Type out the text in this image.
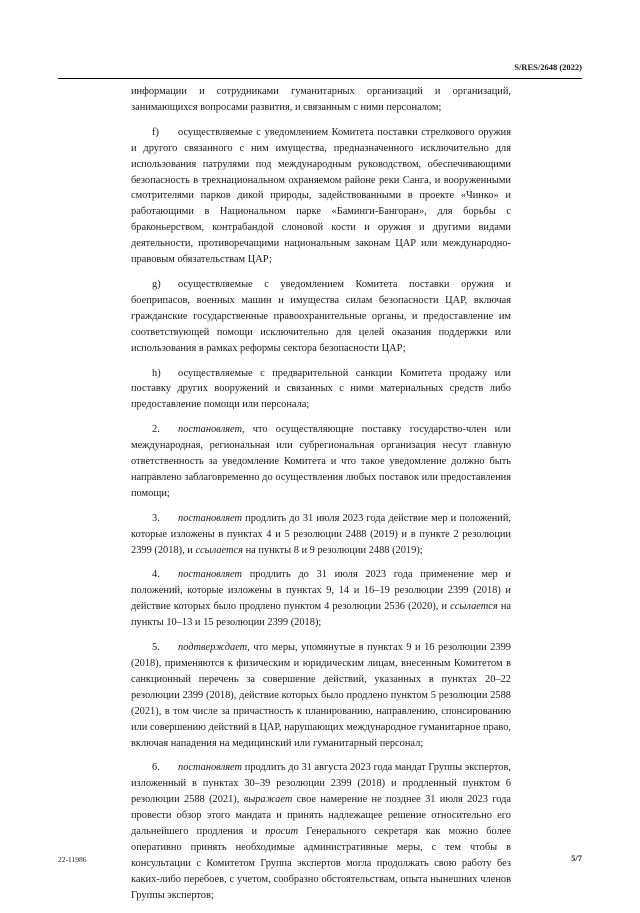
S/RES/2648 (2022)

информации и сотрудниками гуманитарных организаций и организаций, занимающихся вопросами развития, и связанным с ними персоналом;

f) осуществляемые с уведомлением Комитета поставки стрелкового оружия и другого связанного с ним имущества, предназначенного исключительно для использования патрулями под международным руководством, обеспечивающими безопасность в трехнациональном охраняемом районе реки Санга, и вооруженными смотрителями парков дикой природы, задействованными в проекте «Чинко» и работающими в Национальном парке «Баминги-Бангоран», для борьбы с браконьерством, контрабандой слоновой кости и оружия и другими видами деятельности, противоречащими национальным законам ЦАР или международно-правовым обязательствам ЦАР;

g) осуществляемые с уведомлением Комитета поставки оружия и боеприпасов, военных машин и имущества силам безопасности ЦАР, включая гражданские государственные правоохранительные органы, и предоставление им соответствующей помощи исключительно для целей оказания поддержки или использования в рамках реформы сектора безопасности ЦАР;

h) осуществляемые с предварительной санкции Комитета продажу или поставку других вооружений и связанных с ними материальных средств либо предоставление помощи или персонала;

2. постановляет, что осуществляющие поставку государство-член или международная, региональная или субрегиональная организация несут главную ответственность за уведомление Комитета и что такое уведомление должно быть направлено заблаговременно до осуществления любых поставок или предоставления помощи;

3. постановляет продлить до 31 июля 2023 года действие мер и положений, которые изложены в пунктах 4 и 5 резолюции 2488 (2019) и в пункте 2 резолюции 2399 (2018), и ссылается на пункты 8 и 9 резолюции 2488 (2019);

4. постановляет продлить до 31 июля 2023 года применение мер и положений, которые изложены в пунктах 9, 14 и 16–19 резолюции 2399 (2018) и действие которых было продлено пунктом 4 резолюции 2536 (2020), и ссылается на пункты 10–13 и 15 резолюции 2399 (2018);

5. подтверждает, что меры, упомянутые в пунктах 9 и 16 резолюции 2399 (2018), применяются к физическим и юридическим лицам, внесенным Комитетом в санкционный перечень за совершение действий, указанных в пунктах 20–22 резолюции 2399 (2018), действие которых было продлено пунктом 5 резолюции 2588 (2021), в том числе за причастность к планированию, направлению, спонсированию или совершению действий в ЦАР, нарушающих международное гуманитарное право, включая нападения на медицинский или гуманитарный персонал;

6. постановляет продлить до 31 августа 2023 года мандат Группы экспертов, изложенный в пунктах 30–39 резолюции 2399 (2018) и продленный пунктом 6 резолюции 2588 (2021), выражает свое намерение не позднее 31 июля 2023 года провести обзор этого мандата и принять надлежащее решение относительно его дальнейшего продления и просит Генерального секретаря как можно более оперативно принять необходимые административные меры, с тем чтобы в консультации с Комитетом Группа экспертов могла продолжать свою работу без каких-либо перебоев, с учетом, сообразно обстоятельствам, опыта нынешних членов Группы экспертов;

22-11986	5/7
